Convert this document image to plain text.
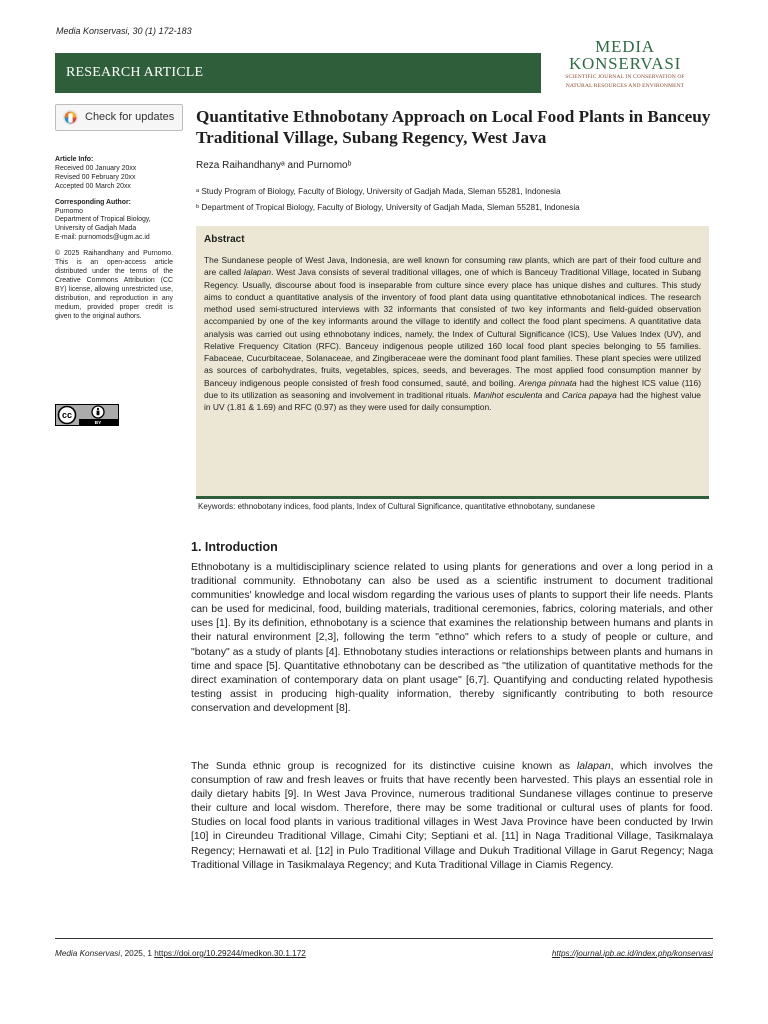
Media Konservasi, 30 (1) 172-183
RESEARCH ARTICLE
MEDIA
KONSERVASI
SCIENTIFIC JOURNAL IN CONSERVATION OF
NATURAL RESOURCES AND ENVIRONMENT
Check for updates Quantitative Ethnobotany Approach on Local Food Plants in Banceuy Traditional Village, Subang Regency, West Java
Reza Raihandhanyᵃ and Purnomoᵇ
ᵃ Study Program of Biology, Faculty of Biology, University of Gadjah Mada, Sleman 55281, Indonesia
ᵇ Department of Tropical Biology, Faculty of Biology, University of Gadjah Mada, Sleman 55281, Indonesia
Article Info:
Received 00 January 20xx
Revised 00 February 20xx
Accepted 00 March 20xx
Corresponding Author:
Purnomo
Department of Tropical Biology,
University of Gadjah Mada
E-mail: purnomods@ugm.ac.id
© 2025 Raihandhany and Purnomo. This is an open-access article distributed under the terms of the Creative Commons Attribution (CC BY) license, allowing unrestricted use, distribution, and reproduction in any medium, provided proper credit is given to the original authors.
cc
BY
Abstract
The Sundanese people of West Java, Indonesia, are well known for consuming raw plants, which are part of their food culture and are called lalapan. West Java consists of several traditional villages, one of which is Banceuy Traditional Village, located in Subang Regency. Usually, discourse about food is inseparable from culture since every place has unique dishes and cultures. This study aims to conduct a quantitative analysis of the inventory of food plant data using quantitative ethnobotanical indices. The research method used semi-structured interviews with 32 informants that consisted of two key informants and field-guided observation accompanied by one of the key informants around the village to identify and collect the food plant specimens. A quantitative data analysis was carried out using ethnobotany indices, namely, the Index of Cultural Significance (ICS), Use Values Index (UV), and Relative Frequency Citation (RFC). Banceuy indigenous people utilized 160 local food plant species belonging to 55 families. Fabaceae, Cucurbitaceae, Solanaceae, and Zingiberaceae were the dominant food plant families. These plant species were utilized as sources of carbohydrates, fruits, vegetables, spices, seeds, and beverages. The most applied food consumption manner by Banceuy indigenous people consisted of fresh food consumed, sauté, and boiling. Arenga pinnata had the highest ICS value (116) due to its utilization as seasoning and involvement in traditional rituals. Manihot esculenta and Carica papaya had the highest value in UV (1.81 & 1.69) and RFC (0.97) as they were used for daily consumption.
Keywords: ethnobotany indices, food plants, Index of Cultural Significance, quantitative ethnobotany, sundanese
1. Introduction
Ethnobotany is a multidisciplinary science related to using plants for generations and over a long period in a traditional community. Ethnobotany can also be used as a scientific instrument to document traditional communities' knowledge and local wisdom regarding the various uses of plants to support their life needs. Plants can be used for medicinal, food, building materials, traditional ceremonies, fabrics, coloring materials, and other uses [1]. By its definition, ethnobotany is a science that examines the relationship between humans and plants in their natural environment [2,3], following the term "ethno" which refers to a study of people or culture, and "botany" as a study of plants [4]. Ethnobotany studies interactions or relationships between plants and humans in time and space [5]. Quantitative ethnobotany can be described as "the utilization of quantitative methods for the direct examination of contemporary data on plant usage" [6,7]. Quantifying and conducting related hypothesis testing assist in producing high-quality information, thereby significantly contributing to both resource conservation and development [8].
The Sunda ethnic group is recognized for its distinctive cuisine known as lalapan, which involves the consumption of raw and fresh leaves or fruits that have recently been harvested. This plays an essential role in daily dietary habits [9]. In West Java Province, numerous traditional Sundanese villages continue to preserve their culture and local wisdom. Therefore, there may be some traditional or cultural uses of plants for food. Studies on local food plants in various traditional villages in West Java Province have been conducted by Irwin [10] in Cireundeu Traditional Village, Cimahi City; Septiani et al. [11] in Naga Traditional Village, Tasikmalaya Regency; Hernawati et al. [12] in Pulo Traditional Village and Dukuh Traditional Village in Garut Regency; Naga Traditional Village in Tasikmalaya Regency; and Kuta Traditional Village in Ciamis Regency.
Media Konservasi, 2025, 1 https://doi.org/10.29244/medkon.30.1.172	https://journal.ipb.ac.id/index.php/konservasi
